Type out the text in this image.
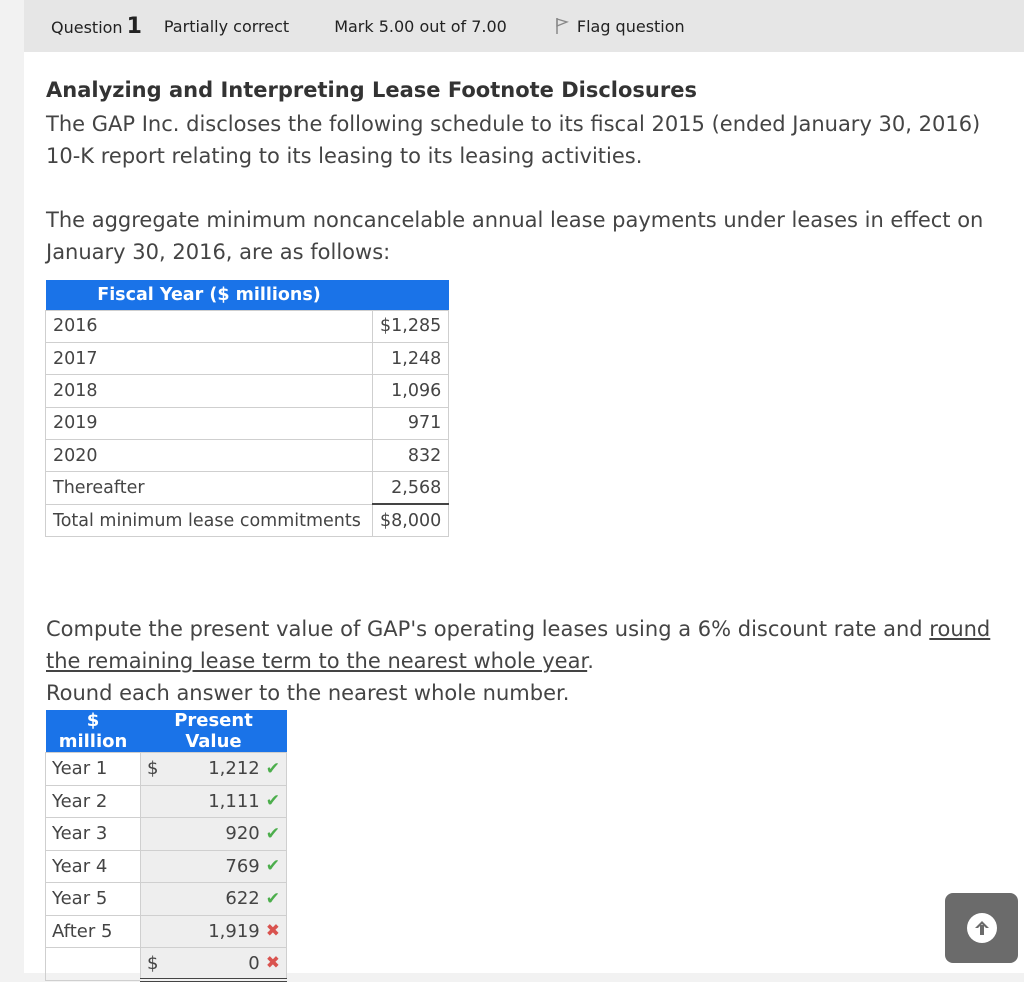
Question 1 Partially correct	Mark 5.00 out of 7.00	Flag question
Analyzing and Interpreting Lease Footnote Disclosures
The GAP Inc. discloses the following schedule to its fiscal 2015 (ended January 30, 2016) 10-K report relating to its leasing to its leasing activities.
The aggregate minimum noncancelable annual lease payments under leases in effect on January 30, 2016, are as follows:
Fiscal Year ($ millions)	
2016	$1,285
2017	1,248
2018	1,096
2019	971
2020	832
Thereafter	2,568
Total minimum lease commitments	$8,000
Compute the present value of GAP's operating leases using a 6% discount rate and round the remaining lease term to the nearest whole year.
Round each answer to the nearest whole number.
$ million	Present Value
Year 1	$ 1,212 ✔

Year 2	1,111 ✔

Year 3	920 ✔

Year 4	769 ✔

Year 5	622 ✔

After 5	1,919 ✖

	$ 0 ✖
